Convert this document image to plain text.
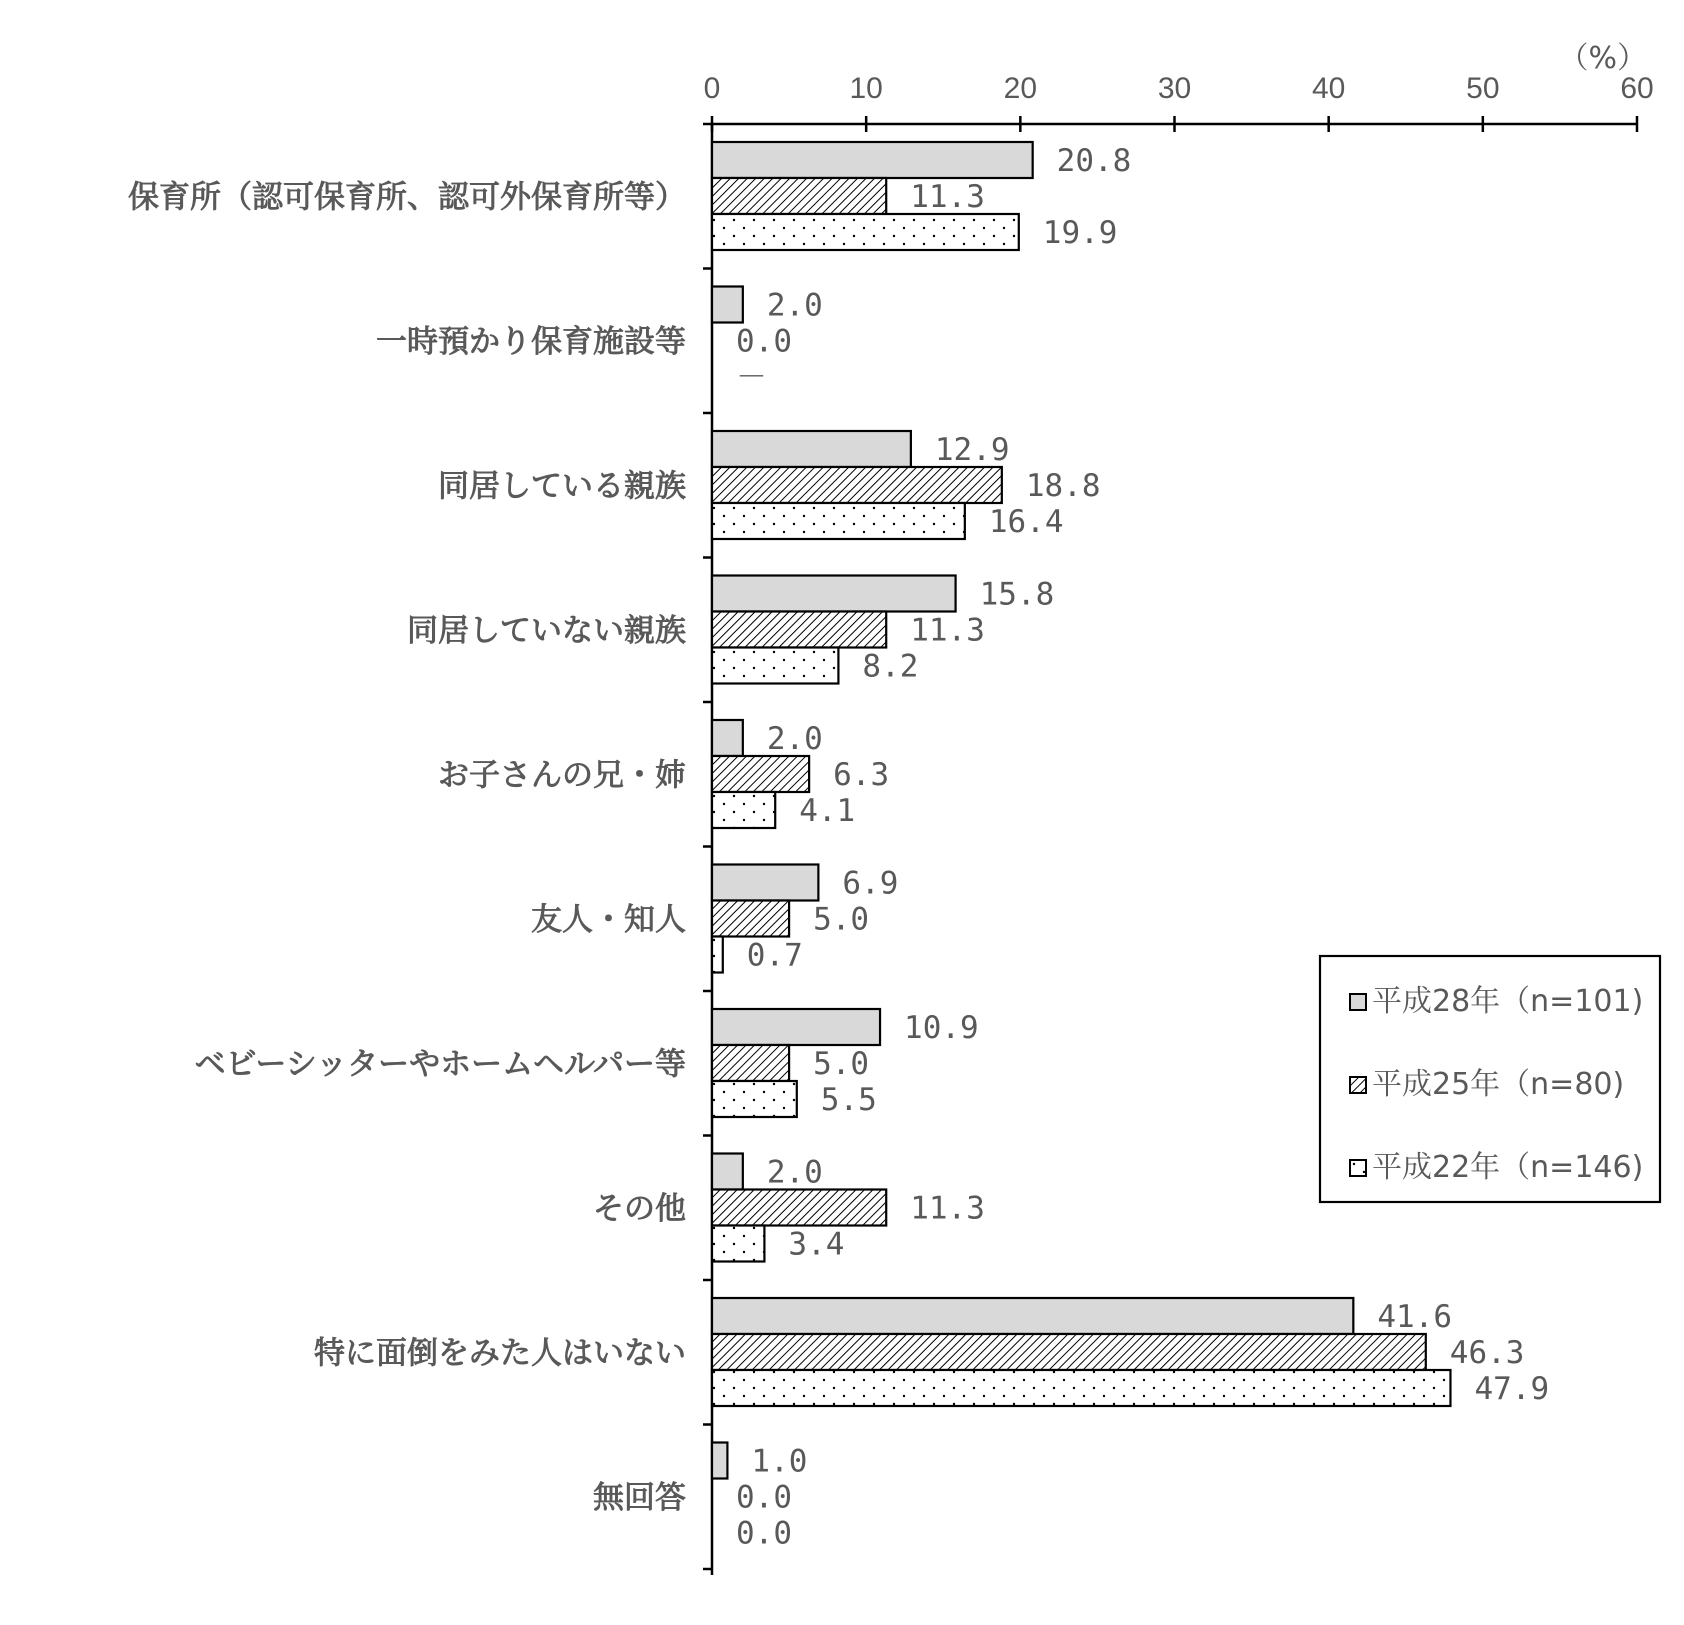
0	10	20	30	40	50	60
（%）
20.8
11.3
19.9
2.0
0.0
－
12.9
18.8
16.4
15.8
11.3
8.2
2.0
6.3
4.1
6.9
5.0
0.7
10.9
5.0
5.5
2.0
11.3
3.4
41.6
46.3
47.9
1.0
0.0
0.0
保育所（認可保育所、認可外保育所等）
一時預かり保育施設等
同居している親族
同居していない親族
お子さんの兄・姉
友人・知人
ベビーシッターやホームヘルパー等
その他
特に面倒をみた人はいない
無回答
平成28年（n=101)
平成25年（n=80)
平成22年（n=146)
